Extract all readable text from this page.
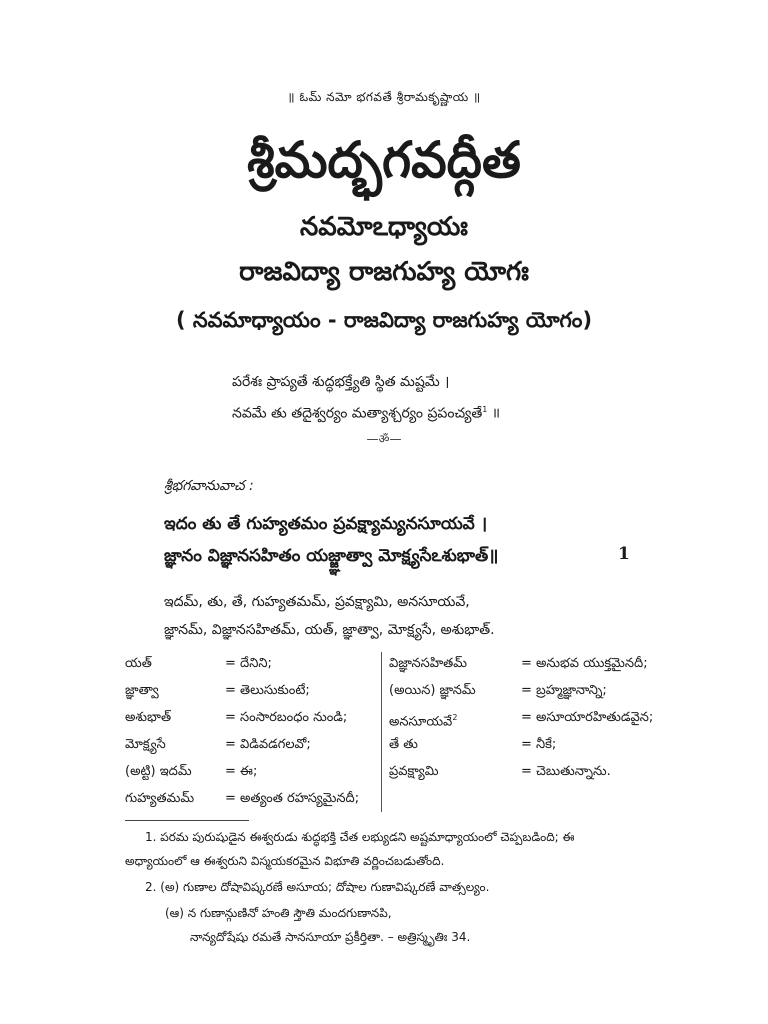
॥ ఓమ్ నమో భగవతే శ్రీరామకృష్ణాయ ॥
శ్రీమద్భగవద్గీత
నవమోఽధ్యాయః
రాజవిద్యా రాజగుహ్య యోగః
( నవమాధ్యాయం - రాజవిద్యా రాజగుహ్య యోగం)
పరేశః ప్రాప్యతే శుద్ధభక్త్యేతి స్థిత మష్టమే ।
నవమే తు తదైశ్వర్యం మత్యాశ్చర్యం ప్రపంచ్యతే$^1$ ॥
—ॐ—
శ్రీభగవానువాచ :
ఇదం తు తే గుహ్యతమం ప్రవక్ష్యామ్యనసూయవే ।
జ్ఞానం విజ్ఞానసహితం యజ్జ్ఞాత్వా మోక్ష్యసేఽశుభాత్॥	1
ఇదమ్, తు, తే, గుహ్యతమమ్, ప్రవక్ష్యామి, అనసూయవే,
జ్ఞానమ్, విజ్ఞానసహితమ్, యత్, జ్ఞాత్వా, మోక్ష్యసే, అశుభాత్.
యత్	= దేనిని;
జ్ఞాత్వా	= తెలుసుకుంటే;
అశుభాత్	= సంసారబంధం నుండి;
మోక్ష్యసే	= విడివడగలవో;
(అట్టి) ఇదమ్	= ఈ;
గుహ్యతమమ్ = అత్యంత రహస్యమైనదీ;
విజ్ఞానసహితమ్	= అనుభవ యుక్తమైనదీ;
(అయిన) జ్ఞానమ్	= బ్రహ్మజ్ఞానాన్ని;
అనసూయవే$^2$	= అసూయారహితుడవైన;
తే తు	= నీకే;
ప్రవక్ష్యామి	= చెబుతున్నాను.
1. పరమ పురుషుడైన ఈశ్వరుడు శుద్ధభక్తి చేత లభ్యుడని అష్టమాధ్యాయంలో చెప్పబడింది; ఈ
అధ్యాయంలో ఆ ఈశ్వరుని విస్మయకరమైన విభూతి వర్ణించబడుతోంది.
2. (అ) గుణాల దోషావిష్కరణే అసూయ; దోషాల గుణావిష్కరణే వాత్సల్యం.
(ఆ) న గుణాన్గుణినో హంతి స్తౌతి మందగుణానపి,
నాన్యదోషేషు రమతే సానసూయా ప్రకీర్తితా. – అత్రిస్మృతిః 34.
